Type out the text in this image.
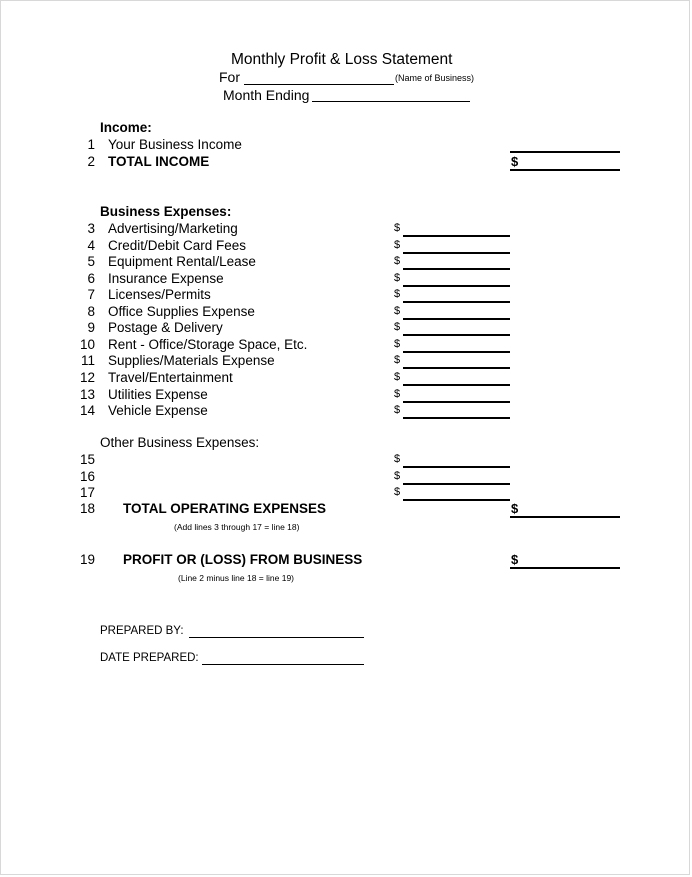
Monthly Profit & Loss Statement
For	(Name of Business)
Month Ending
Income:
1 Your Business Income
2 TOTAL INCOME	$
Business Expenses:
3 Advertising/Marketing	$
4 Credit/Debit Card Fees	$
5 Equipment Rental/Lease	$
6 Insurance Expense	$
7 Licenses/Permits	$
8 Office Supplies Expense	$
9 Postage & Delivery	$
10 Rent - Office/Storage Space, Etc.	$
11 Supplies/Materials Expense	$
12 Travel/Entertainment	$
13 Utilities Expense	$
14 Vehicle Expense	$
Other Business Expenses:
15	$
16	$
17	$
18 TOTAL OPERATING EXPENSES	$
(Add lines 3 through 17 = line 18)
19 PROFIT OR (LOSS) FROM BUSINESS	$
(Line 2 minus line 18 = line 19)
PREPARED BY:
DATE PREPARED:
